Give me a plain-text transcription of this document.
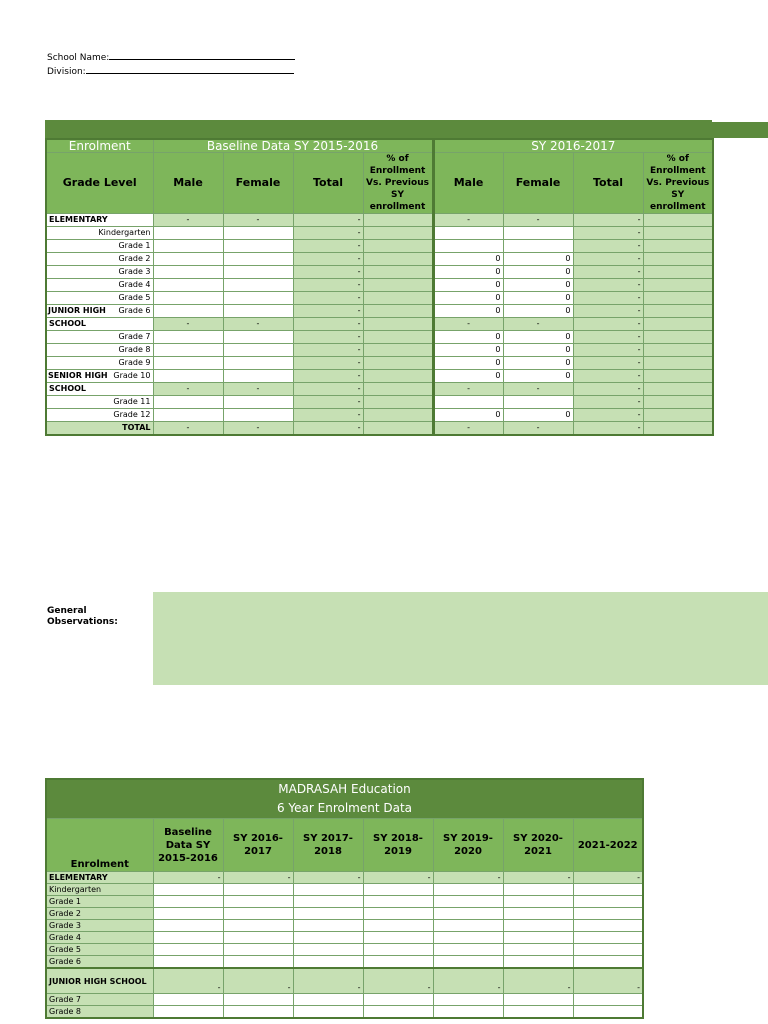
School Name:
Division:
Enrolment	Baseline Data SY 2015-2016				SY 2016-2017			
Grade Level	Male	Female	Total	% of Enrollment Vs. Previous SY enrollment	Male	Female	Total	% of Enrollment Vs. Previous SY enrollment
ELEMENTARY	-	-	-		-	-	-	
Kindergarten			-				-	
Grade 1			-				-	
Grade 2			-		0	0	-	
Grade 3			-		0	0	-	
Grade 4			-		0	0	-	
Grade 5			-		0	0	-	

JUNIOR HIGH Grade 6			-		0	0	-	
SCHOOL	-	-	-		-	-	-	
Grade 7			-		0	0	-	
Grade 8			-		0	0	-	
Grade 9			-		0	0	-	

SENIOR HIGH Grade 10			-		0	0	-	
SCHOOL	-	-	-		-	-	-	
Grade 11			-				-	
Grade 12			-		0	0	-	
TOTAL	-	-	-		-	-	-	
General Observations:
MADRASAH Education							
6 Year Enrolment Data							
Enrolment	Baseline Data SY 2015-2016	SY 2016-2017	SY 2017-2018	SY 2018-2019	SY 2019-2020	SY 2020-2021	2021-2022
ELEMENTARY	-	-	-	-	-	-	-
Kindergarten							
Grade 1							
Grade 2							
Grade 3							
Grade 4							
Grade 5							
Grade 6							
JUNIOR HIGH SCHOOL	-	-	-	-	-	-	-
Grade 7							
Grade 8							
